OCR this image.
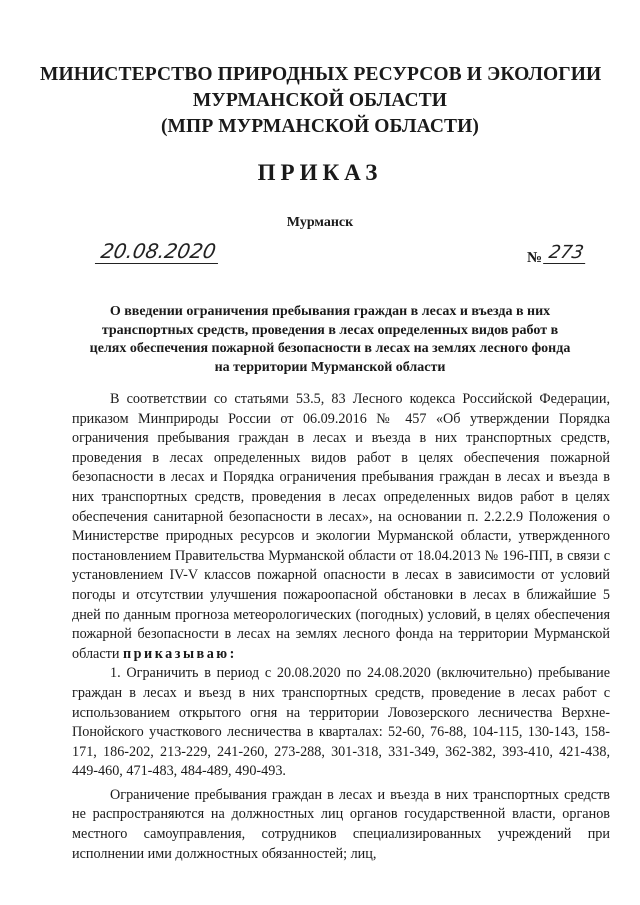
МИНИСТЕРСТВО ПРИРОДНЫХ РЕСУРСОВ И ЭКОЛОГИИ
МУРМАНСКОЙ ОБЛАСТИ
(МПР МУРМАНСКОЙ ОБЛАСТИ)
ПРИКАЗ
Мурманск
20.08.2020	№ 273
О введении ограничения пребывания граждан в лесах и въезда в них
транспортных средств, проведения в лесах определенных видов работ в
целях обеспечения пожарной безопасности в лесах на землях лесного фонда
на территории Мурманской области

В соответствии со статьями 53.5, 83 Лесного кодекса Российской Федерации, приказом Минприроды России от 06.09.2016 № 457 «Об утверждении Порядка ограничения пребывания граждан в лесах и въезда в них транспортных средств, проведения в лесах определенных видов работ в целях обеспечения пожарной безопасности в лесах и Порядка ограничения пребывания граждан в лесах и въезда в них транспортных средств, проведения в лесах определенных видов работ в целях обеспечения санитарной безопасности в лесах», на основании п. 2.2.2.9 Положения о Министерстве природных ресурсов и экологии Мурманской области, утвержденного постановлением Правительства Мурманской области от 18.04.2013 № 196-ПП, в связи с установлением IV-V классов пожарной опасности в лесах в зависимости от условий погоды и отсутствии улучшения пожароопасной обстановки в лесах в ближайшие 5 дней по данным прогноза метеорологических (погодных) условий, в целях обеспечения пожарной безопасности в лесах на землях лесного фонда на территории Мурманской области приказываю:

1. Ограничить в период с 20.08.2020 по 24.08.2020 (включительно) пребывание граждан в лесах и въезд в них транспортных средств, проведение в лесах работ с использованием открытого огня на территории Ловозерского лесничества Верхне-Понойского участкового лесничества в кварталах: 52-60, 76-88, 104-115, 130-143, 158-171, 186-202, 213-229, 241-260, 273-288, 301-318, 331-349, 362-382, 393-410, 421-438, 449-460, 471-483, 484-489, 490-493.

Ограничение пребывания граждан в лесах и въезда в них транспортных средств не распространяются на должностных лиц органов государственной власти, органов местного самоуправления, сотрудников специализированных учреждений при исполнении ими должностных обязанностей; лиц,
